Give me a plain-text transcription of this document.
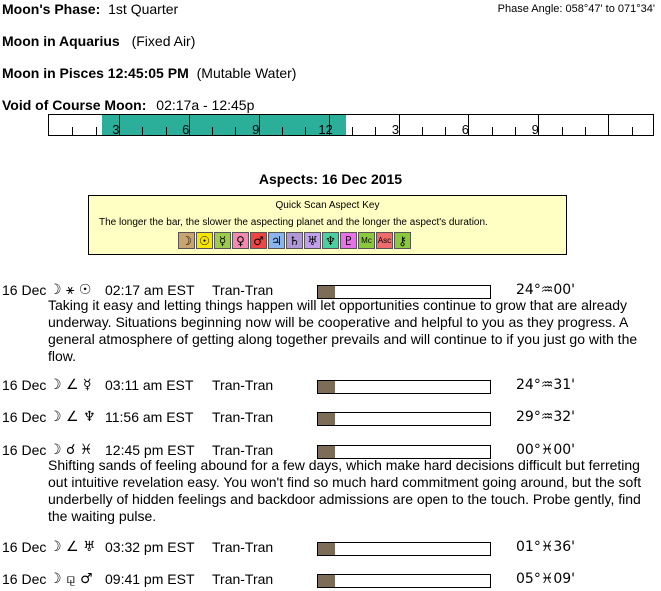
Moon's Phase: 1st Quarter	Phase Angle: 058°47' to 071°34'
Moon in Aquarius (Fixed Air)
Moon in Pisces 12:45:05 PM (Mutable Water)
Void of Course Moon: 02:17a - 12:45p
3	6	9	12	3	6	9
Aspects: 16 Dec 2015
Quick Scan Aspect Key
The longer the bar, the slower the aspecting planet and the longer the aspect's duration.
☽ ☉ ☿ ♀ ♂ ♃ ♄ ♅ ♆ ♇ Mc Asc ⚷
16 Dec ☽ ⚹ ☉ 02:17 am EST Tran-Tran	24°♒00'
Taking it easy and letting things happen will let opportunities continue to grow that are already underway. Situations beginning now will be cooperative and helpful to you as they progress. A general atmosphere of getting along together prevails and will continue to if you just go with the flow.
16 Dec ☽ ∠ ☿ 03:11 am EST Tran-Tran	24°♒31'
16 Dec ☽ ∠ ♆ 11:56 am EST Tran-Tran	29°♒32'
16 Dec ☽ ☌ ♓ 12:45 pm EST Tran-Tran	00°♓00'
Shifting sands of feeling abound for a few days, which make hard decisions difficult but ferreting out intuitive revelation easy. You won't find so much hard commitment going around, but the soft underbelly of hidden feelings and backdoor admissions are open to the touch. Probe gently, find the waiting pulse.
16 Dec ☽ ∠ ♅ 03:32 pm EST Tran-Tran	01°♓36'
16 Dec ☽ ⚼ ♂ 09:41 pm EST Tran-Tran	05°♓09'
